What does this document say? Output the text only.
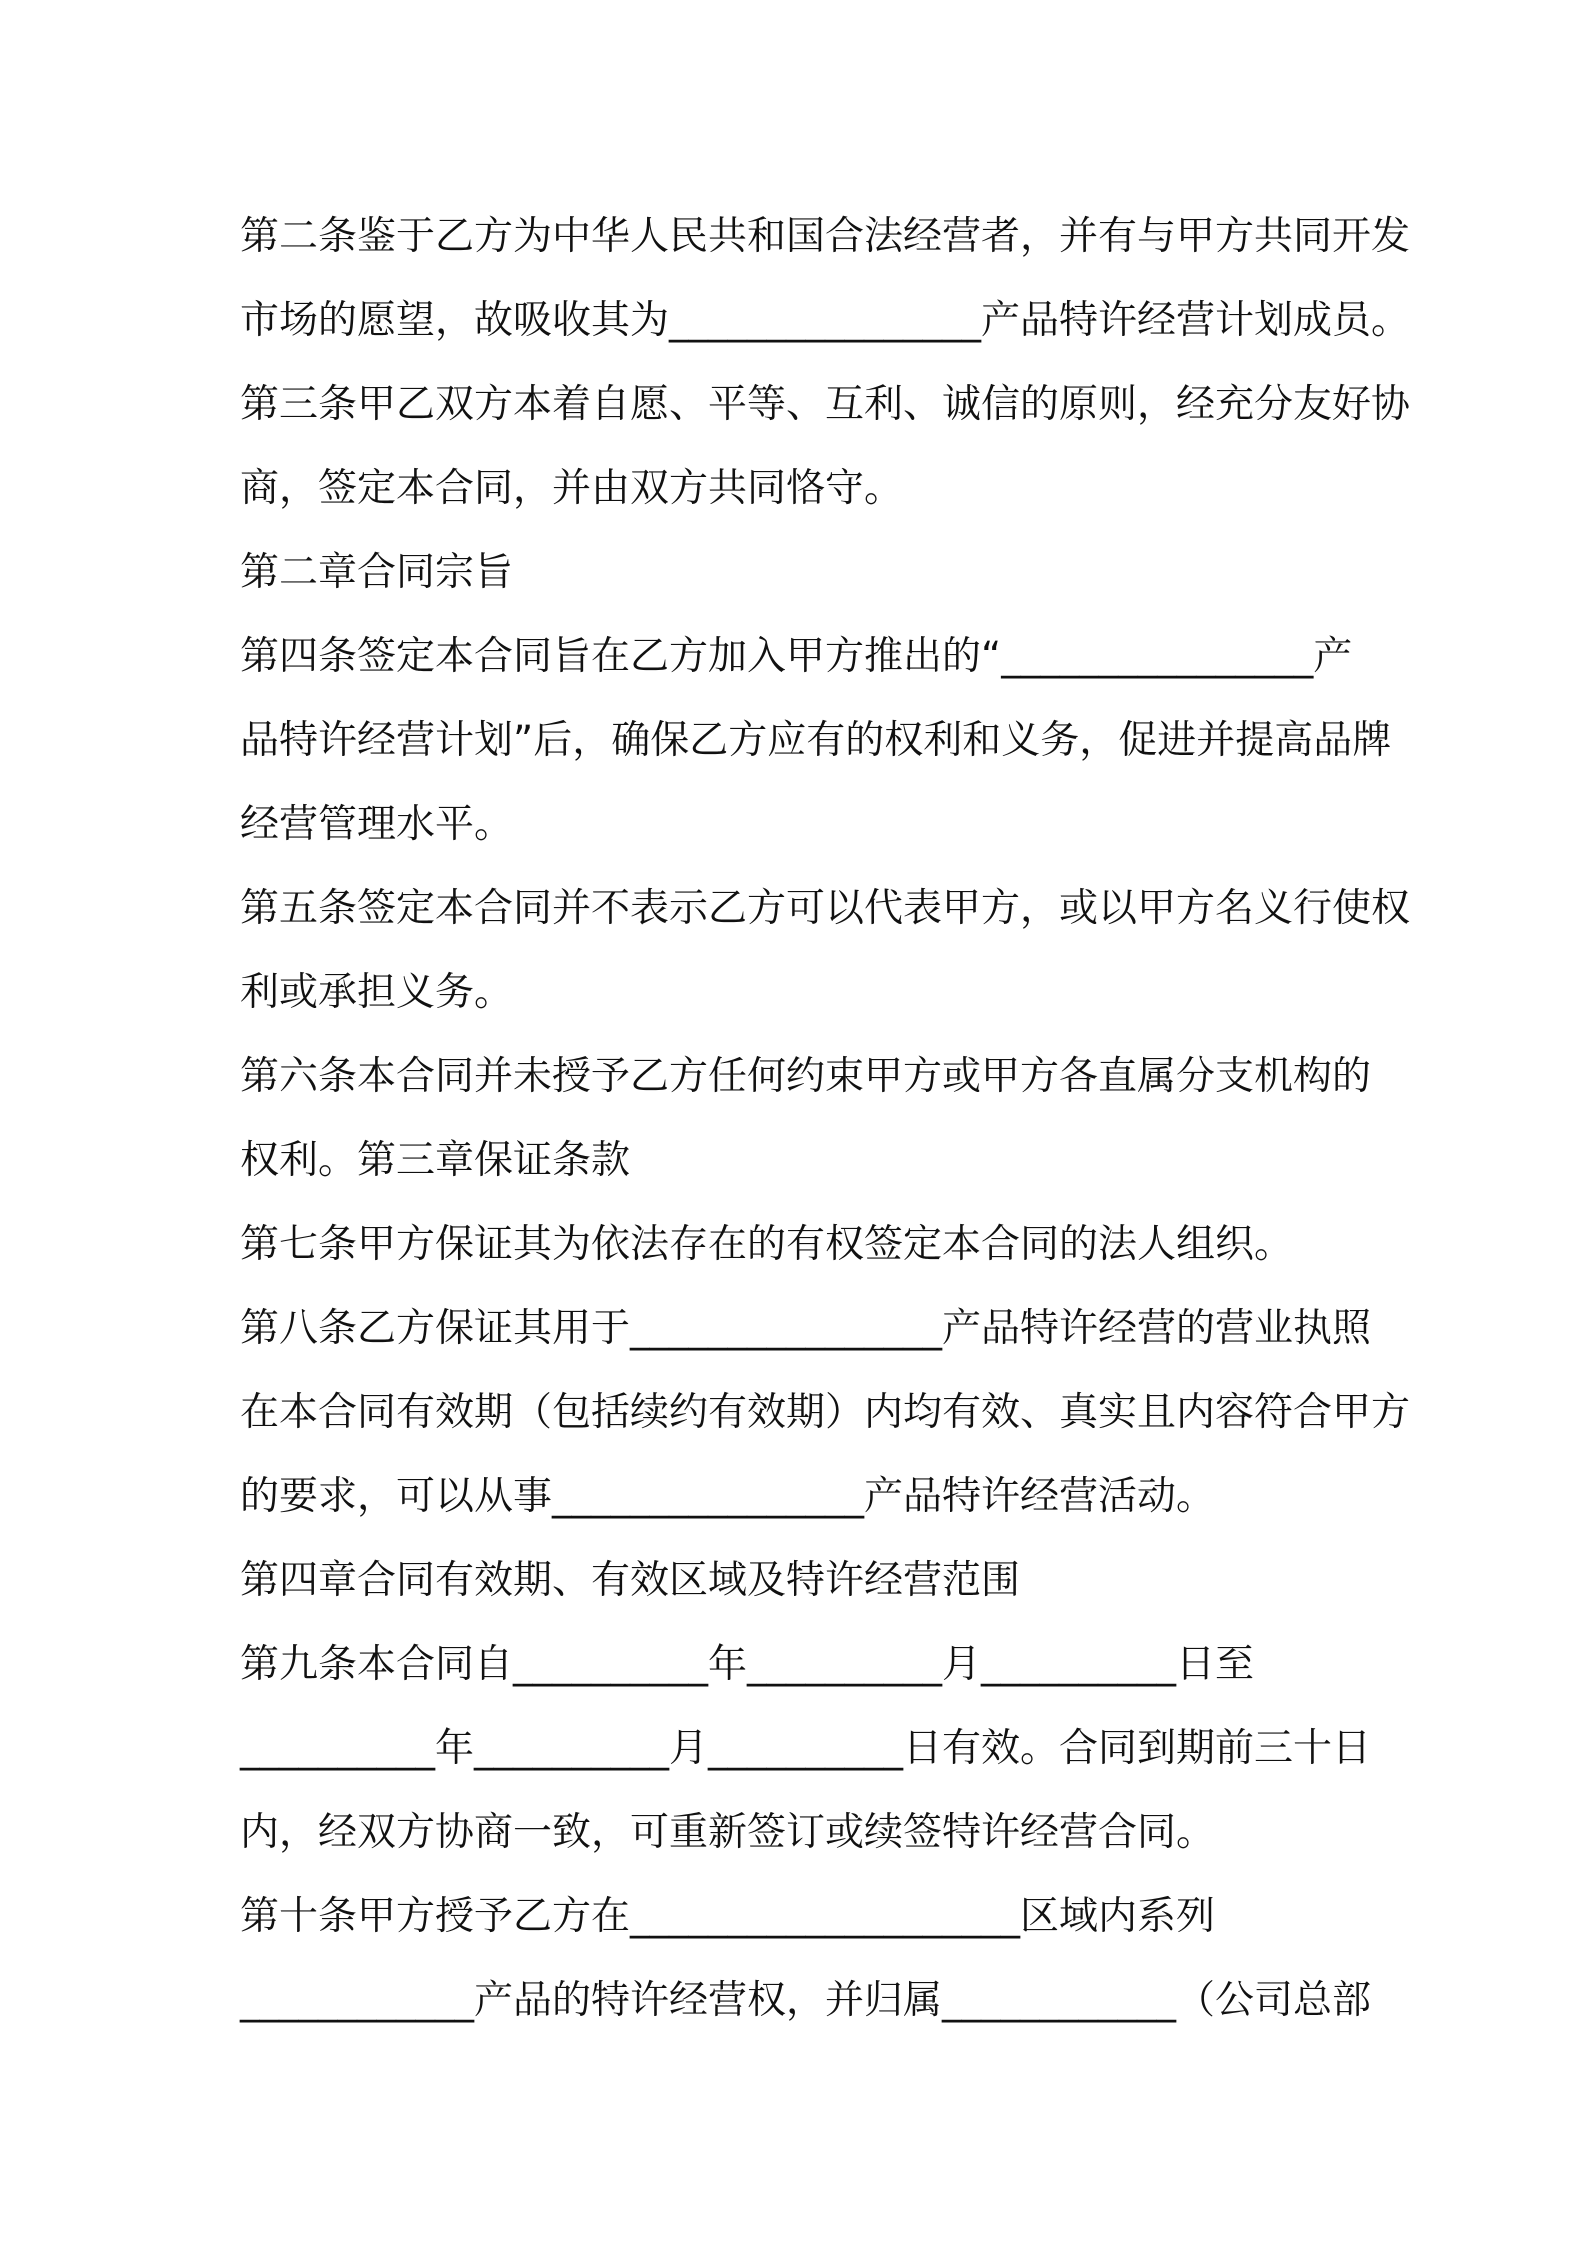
第二条鉴于乙方为中华人民共和国合法经营者，并有与甲方共同开发
市场的愿望，故吸收其为________________产品特许经营计划成员。
第三条甲乙双方本着自愿、平等、互利、诚信的原则，经充分友好协
商，签定本合同，并由双方共同恪守。
第二章合同宗旨
第四条签定本合同旨在乙方加入甲方推出的“________________产
品特许经营计划”后，确保乙方应有的权利和义务，促进并提高品牌
经营管理水平。
第五条签定本合同并不表示乙方可以代表甲方，或以甲方名义行使权
利或承担义务。
第六条本合同并未授予乙方任何约束甲方或甲方各直属分支机构的
权利。第三章保证条款
第七条甲方保证其为依法存在的有权签定本合同的法人组织。
第八条乙方保证其用于________________产品特许经营的营业执照
在本合同有效期（包括续约有效期）内均有效、真实且内容符合甲方
的要求，可以从事________________产品特许经营活动。
第四章合同有效期、有效区域及特许经营范围
第九条本合同自__________年__________月__________日至
__________年__________月__________日有效。合同到期前三十日
内，经双方协商一致，可重新签订或续签特许经营合同。
第十条甲方授予乙方在____________________区域内系列
____________产品的特许经营权，并归属____________（公司总部
